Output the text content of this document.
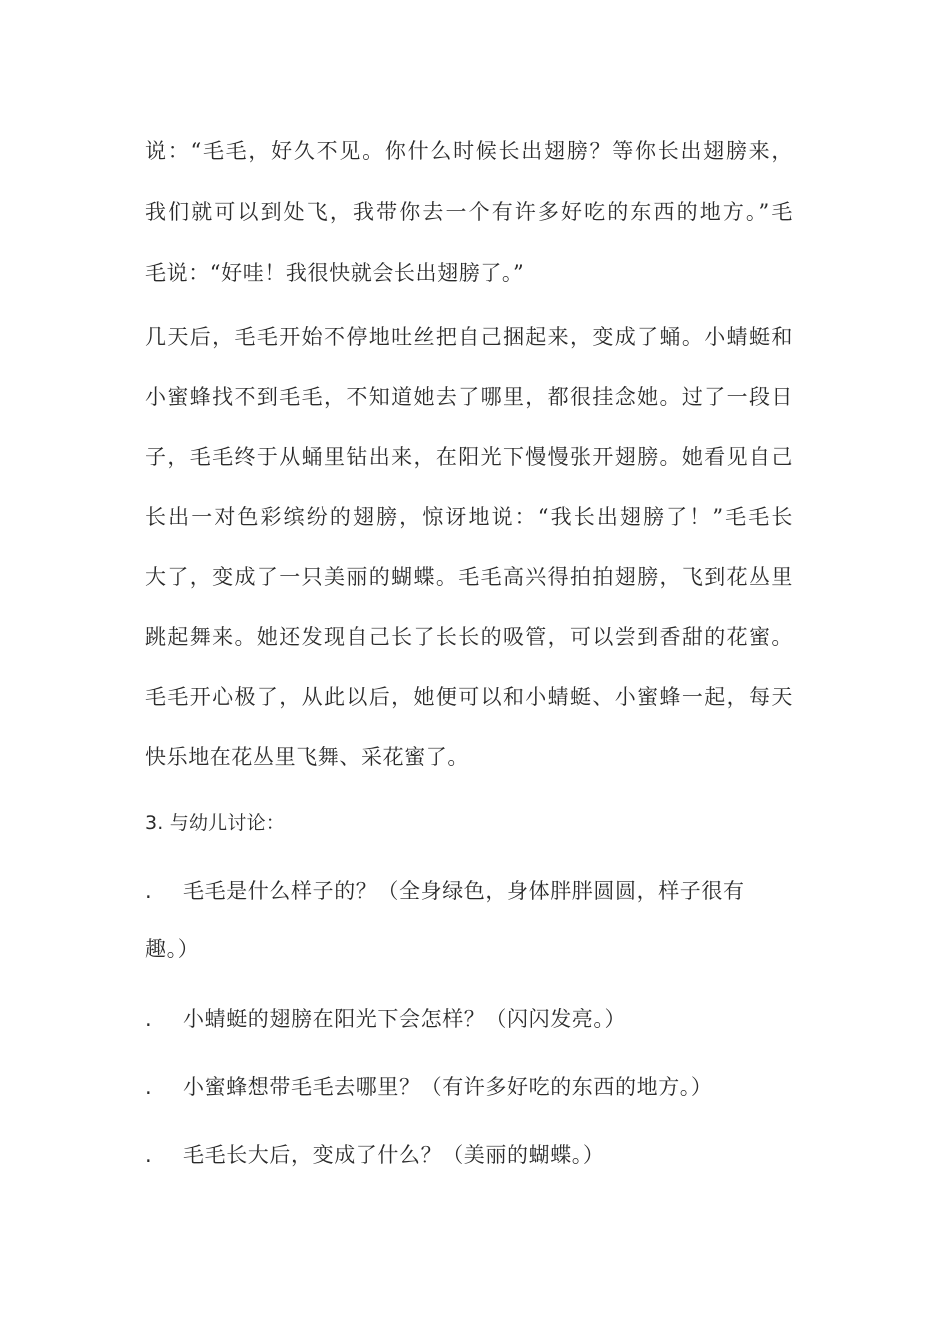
说：“毛毛，好久不见。你什么时候长出翅膀？等你长出翅膀来，
我们就可以到处飞，我带你去一个有许多好吃的东西的地方。”毛
毛说：“好哇！我很快就会长出翅膀了。”
几天后，毛毛开始不停地吐丝把自己捆起来，变成了蛹。小蜻蜓和
小蜜蜂找不到毛毛，不知道她去了哪里，都很挂念她。过了一段日
子，毛毛终于从蛹里钻出来，在阳光下慢慢张开翅膀。她看见自己
长出一对色彩缤纷的翅膀，惊讶地说：“我长出翅膀了！”毛毛长
大了，变成了一只美丽的蝴蝶。毛毛高兴得拍拍翅膀，飞到花丛里
跳起舞来。她还发现自己长了长长的吸管，可以尝到香甜的花蜜。
毛毛开心极了，从此以后，她便可以和小蜻蜓、小蜜蜂一起，每天
快乐地在花丛里飞舞、采花蜜了。
3. 与幼儿讨论：
. 毛毛是什么样子的？（全身绿色，身体胖胖圆圆，样子很有
趣。）
. 小蜻蜓的翅膀在阳光下会怎样？（闪闪发亮。）
. 小蜜蜂想带毛毛去哪里？（有许多好吃的东西的地方。）
. 毛毛长大后，变成了什么？（美丽的蝴蝶。）
